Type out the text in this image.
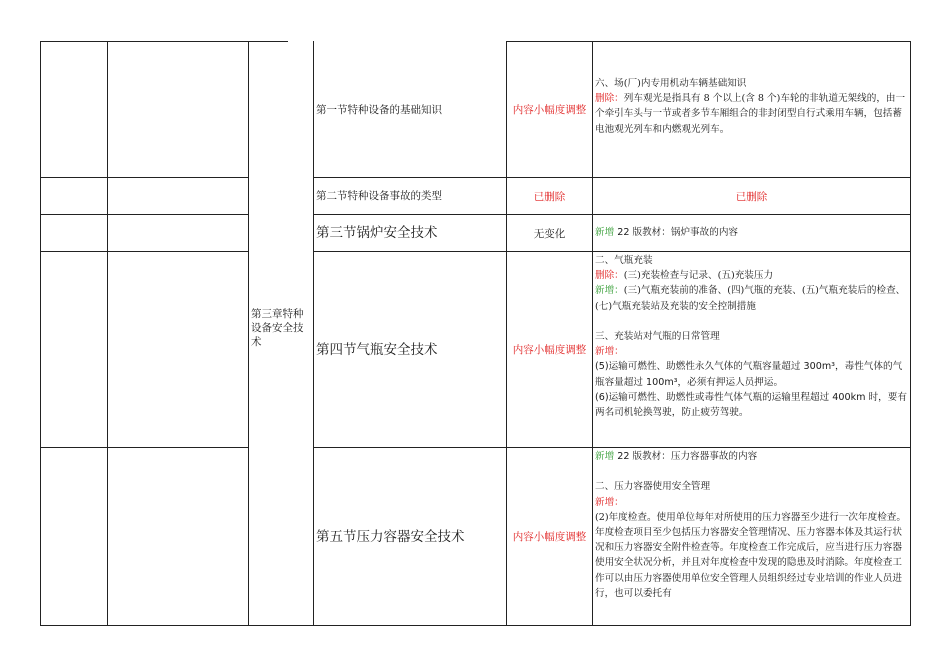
第三章特种设备安全技术
第一节特种设备的基础知识	内容小幅度调整

六、场(厂)内专用机动车辆基础知识

删除：列车观光是指具有 8 个以上(含 8 个)车轮的非轨道无架线的，由一个牵引车头与一节或者多节车厢组合的非封闭型自行式乘用车辆，包括蓄电池观光列车和内燃观光列车。

第二节特种设备事故的类型	已删除	已删除
第三节锅炉安全技术	无变化	新增 22 版教材：锅炉事故的内容

第四节气瓶安全技术	内容小幅度调整

二、气瓶充装

删除：(三)充装检查与记录、(五)充装压力

新增：(三)气瓶充装前的准备、(四)气瓶的充装、(五)气瓶充装后的检查、(七)气瓶充装站及充装的安全控制措施

三、充装站对气瓶的日常管理

新增：

(5)运输可燃性、助燃性永久气体的气瓶容量超过 300m³，毒性气体的气瓶容量超过 100m³，必须有押运人员押运。

(6)运输可燃性、助燃性或毒性气体气瓶的运输里程超过 400km 时，要有两名司机轮换驾驶，防止疲劳驾驶。

第五节压力容器安全技术	内容小幅度调整

新增 22 版教材：压力容器事故的内容

二、压力容器使用安全管理

新增：

(2)年度检查。使用单位每年对所使用的压力容器至少进行一次年度检查。年度检查项目至少包括压力容器安全管理情况、压力容器本体及其运行状况和压力容器安全附件检查等。年度检查工作完成后，应当进行压力容器使用安全状况分析，并且对年度检查中发现的隐患及时消除。年度检查工作可以由压力容器使用单位安全管理人员组织经过专业培训的作业人员进行，也可以委托有
